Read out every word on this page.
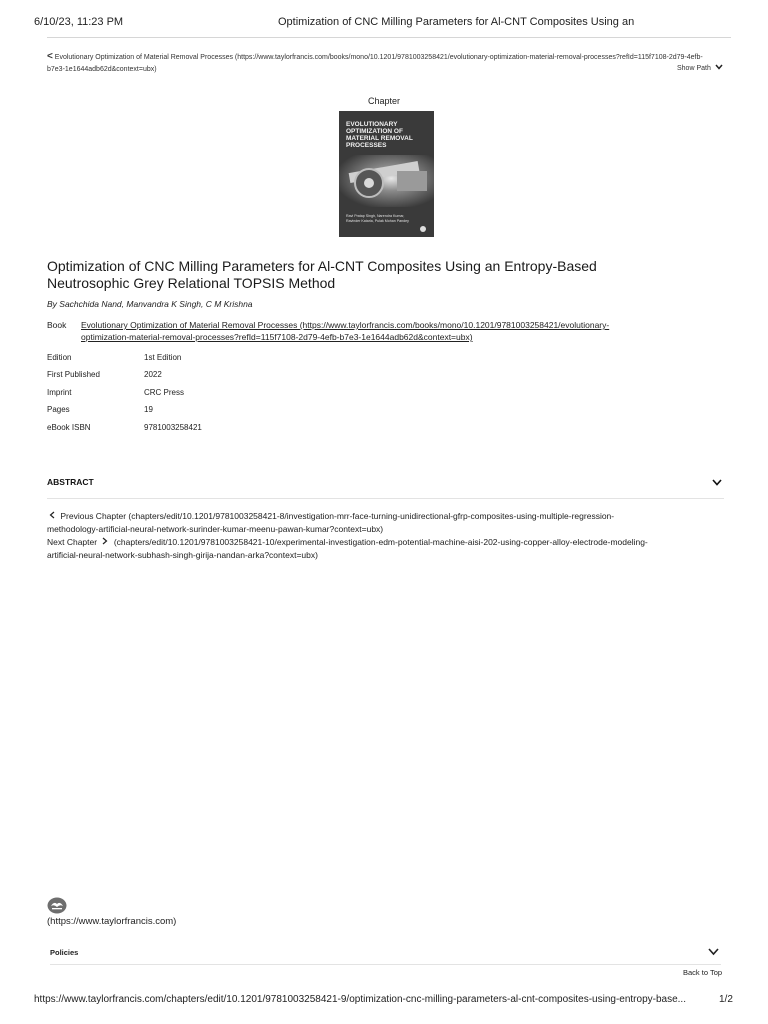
6/10/23, 11:23 PM	Optimization of CNC Milling Parameters for Al-CNT Composites Using an
< Evolutionary Optimization of Material Removal Processes (https://www.taylorfrancis.com/books/mono/10.1201/9781003258421/evolutionary-optimization-material-removal-processes?refId=115f7108-2d79-4efb-
b7e3-1e1644adb62d&context=ubx)	Show Path
Chapter
EVOLUTIONARY OPTIMIZATION OF MATERIAL REMOVAL PROCESSES
Ravi Pratap Singh, Narendra Kumar, Ravinder Kataria, Pulak Mohan Pandey
Optimization of CNC Milling Parameters for Al-CNT Composites Using an Entropy-Based
Neutrosophic Grey Relational TOPSIS Method
By Sachchida Nand, Manvandra K Singh, C M Krishna
Book Evolutionary Optimization of Material Removal Processes (https://www.taylorfrancis.com/books/mono/10.1201/9781003258421/evolutionary-
optimization-material-removal-processes?refId=115f7108-2d79-4efb-b7e3-1e1644adb62d&context=ubx)
Edition	1st Edition
First Published	2022
Imprint	CRC Press
Pages	19
eBook ISBN	9781003258421
ABSTRACT
Previous Chapter (chapters/edit/10.1201/9781003258421-8/investigation-mrr-face-turning-unidirectional-gfrp-composites-using-multiple-regression-
methodology-artificial-neural-network-surinder-kumar-meenu-pawan-kumar?context=ubx)
Next Chapter (chapters/edit/10.1201/9781003258421-10/experimental-investigation-edm-potential-machine-aisi-202-using-copper-alloy-electrode-modeling-
artificial-neural-network-subhash-singh-girija-nandan-arka?context=ubx)
(https://www.taylorfrancis.com)
Policies
Back to Top
https://www.taylorfrancis.com/chapters/edit/10.1201/9781003258421-9/optimization-cnc-milling-parameters-al-cnt-composites-using-entropy-base...	1/2
